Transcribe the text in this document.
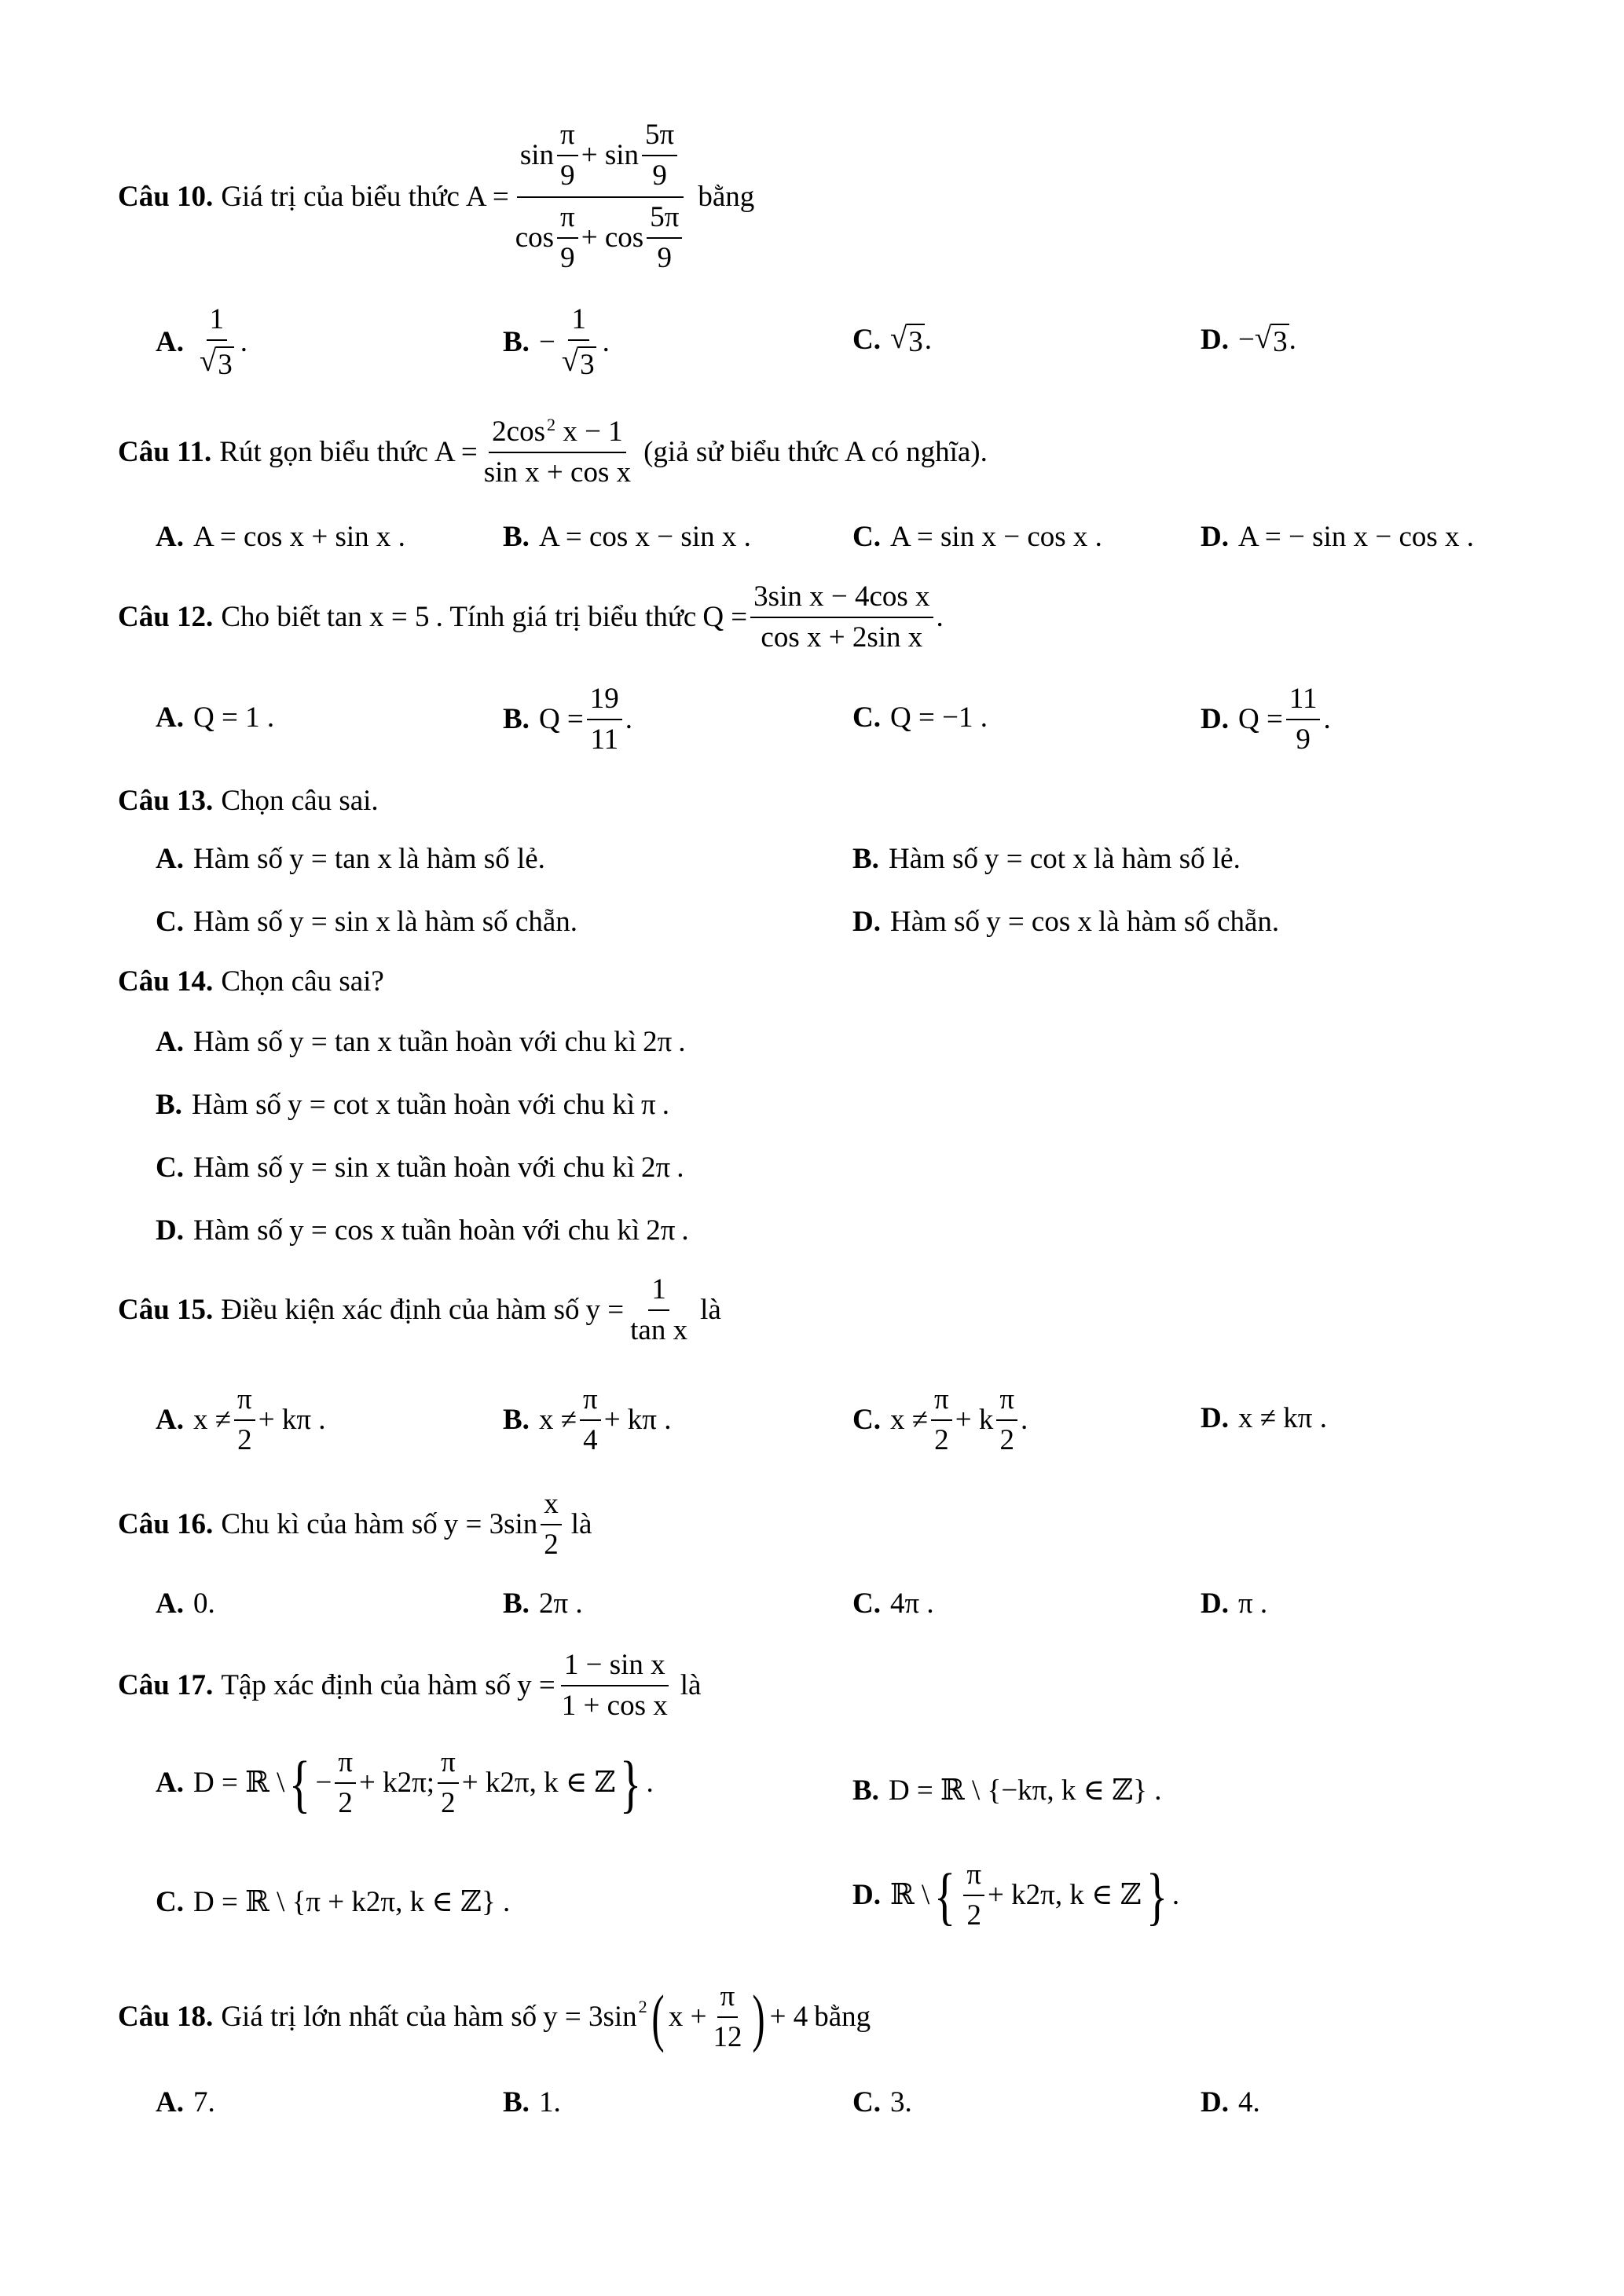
Câu 10. Giá trị của biểu thức $A = \frac{\sin \frac{\pi}{9} + \sin \frac{5\pi}{9}}{\cos \frac{\pi}{9} + \cos \frac{5\pi}{9}}$ bằng
A. $\frac{1}{√ 3}$ .	B. − $\frac{1}{√ 3}$ .	C. √ 3 .	D. − √ 3 .
Câu 11. Rút gọn biểu thức $A = \frac{2\cos^2 x - 1}{\text{sin x + cos x}}$ (giả sử biểu thức A có nghĩa).
A. A = cos x + sin x .	B. A = cos x − sin x .	C. A = sin x − cos x .	D. A = − sin x − cos x .
Câu 12. Cho biết tan x = 5 . Tính giá trị biểu thức $Q = \frac{\text{3sin x − 4cos x}}{\text{cos x + 2sin x}}$ .
A. Q = 1 .	B. $Q = \frac{19}{11}$ .	C. Q = −1 .	D. $Q = \frac{11}{9}$ .
Câu 13. Chọn câu sai.
A. Hàm số y = tan x là hàm số lẻ.	B. Hàm số y = cot x là hàm số lẻ.
C. Hàm số y = sin x là hàm số chẵn.	D. Hàm số y = cos x là hàm số chẵn.
Câu 14. Chọn câu sai?
A. Hàm số y = tan x tuần hoàn với chu kì 2π .
B. Hàm số y = cot x tuần hoàn với chu kì π .
C. Hàm số y = sin x tuần hoàn với chu kì 2π .
D. Hàm số y = cos x tuần hoàn với chu kì 2π .
Câu 15. Điều kiện xác định của hàm số $y = \frac{1}{\text{tan x}}$ là
A. $x \ne \frac{\pi}{2} + k\pi$ .	B. $x \ne \frac{\pi}{4} + k\pi$ .	C. $x \ne \frac{\pi}{2} + k \frac{\pi}{2}$ .	D. x ≠ kπ .
Câu 16. Chu kì của hàm số $y = 3\sin \frac{x}{2}$ là
A. 0.	B. 2π .	C. 4π .	D. π .
Câu 17. Tập xác định của hàm số $y = \frac{\text{1 − sin x}}{\text{1 + cos x}}$ là
A. D = ℝ \ { − $\frac{\pi}{2} + k2\pi$; $\frac{\pi}{2} + k2\pi$, k ∈ ℤ } .	B. D = ℝ \ {−kπ, k ∈ ℤ} .
C. D = ℝ \ {π + k2π, k ∈ ℤ} .	D. ℝ \ { $\frac{\pi}{2} + k2\pi$, k ∈ ℤ } .
Câu 18. Giá trị lớn nhất của hàm số y = 3sin 2 ( $x + \frac{\pi}{12}$ ) + 4 bằng
A. 7.	B. 1.	C. 3.	D. 4.
